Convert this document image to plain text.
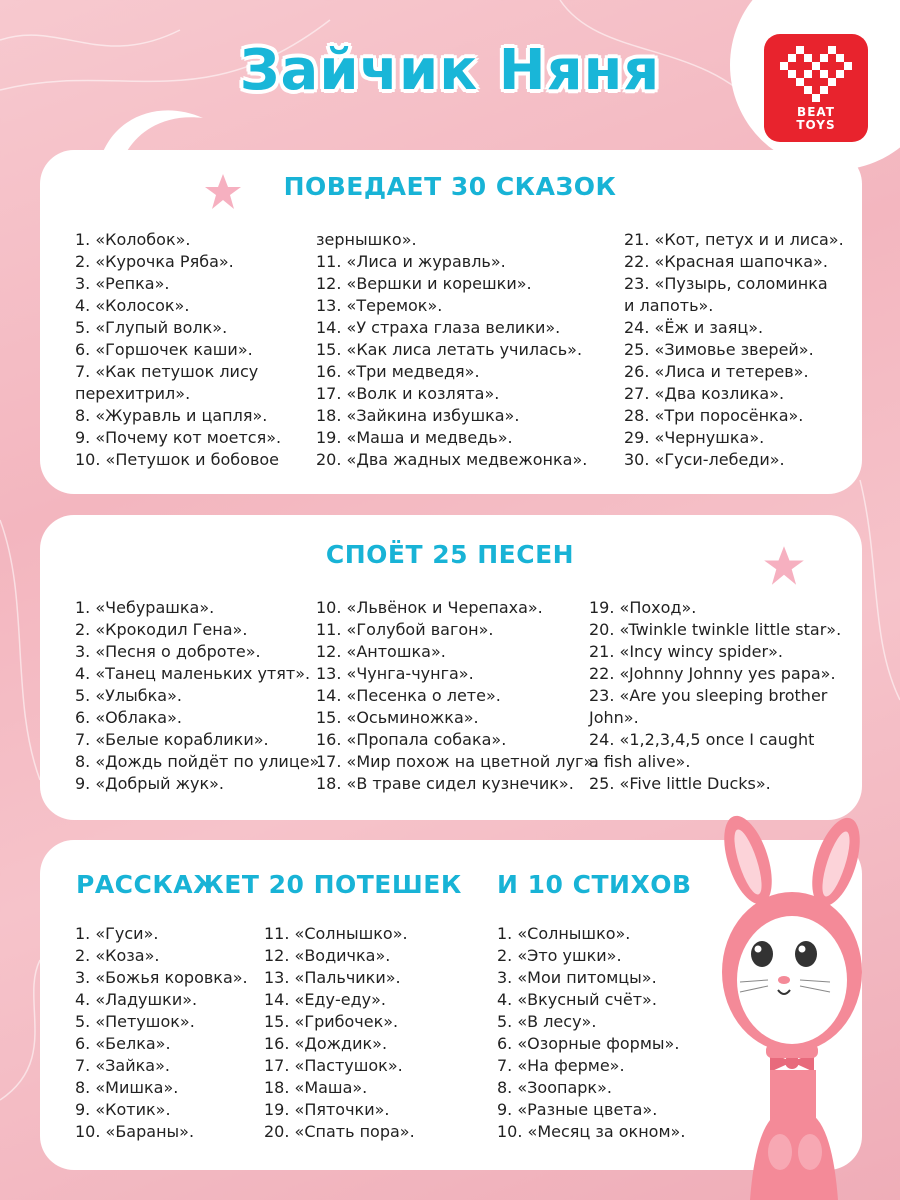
BEAT
TOYS
Зайчик Няня
ПОВЕДАЕТ 30 СКАЗОК
1. «Колобок».
2. «Курочка Ряба».
3. «Репка».
4. «Колосок».
5. «Глупый волк».
6. «Горшочек каши».
7. «Как петушок лису
перехитрил».
8. «Журавль и цапля».
9. «Почему кот моется».
10. «Петушок и бобовое
зернышко».
11. «Лиса и журавль».
12. «Вершки и корешки».
13. «Теремок».
14. «У страха глаза велики».
15. «Как лиса летать училась».
16. «Три медведя».
17. «Волк и козлята».
18. «Зайкина избушка».
19. «Маша и медведь».
20. «Два жадных медвежонка».
21. «Кот, петух и и лиса».
22. «Красная шапочка».
23. «Пузырь, соломинка
и лапоть».
24. «Ёж и заяц».
25. «Зимовье зверей».
26. «Лиса и тетерев».
27. «Два козлика».
28. «Три поросёнка».
29. «Чернушка».
30. «Гуси-лебеди».
СПОЁТ 25 ПЕСЕН
1. «Чебурашка».
2. «Крокодил Гена».
3. «Песня о доброте».
4. «Танец маленьких утят».
5. «Улыбка».
6. «Облака».
7. «Белые кораблики».
8. «Дождь пойдёт по улице».
9. «Добрый жук».
10. «Львёнок и Черепаха».
11. «Голубой вагон».
12. «Антошка».
13. «Чунга-чунга».
14. «Песенка о лете».
15. «Осьминожка».
16. «Пропала собака».
17. «Мир похож на цветной луг».
18. «В траве сидел кузнечик».
19. «Поход».
20. «Twinkle twinkle little star».
21. «Incy wincy spider».
22. «Johnny Johnny yes papa».
23. «Are you sleeping brother
John».
24. «1,2,3,4,5 once I caught
a fish alive».
25. «Five little Ducks».
РАССКАЖЕТ 20 ПОТЕШЕК И 10 СТИХОВ
1. «Гуси».
2. «Коза».
3. «Божья коровка».
4. «Ладушки».
5. «Петушок».
6. «Белка».
7. «Зайка».
8. «Мишка».
9. «Котик».
10. «Бараны».
11. «Солнышко».
12. «Водичка».
13. «Пальчики».
14. «Еду-еду».
15. «Грибочек».
16. «Дождик».
17. «Пастушок».
18. «Маша».
19. «Пяточки».
20. «Спать пора».
1. «Солнышко».
2. «Это ушки».
3. «Мои питомцы».
4. «Вкусный счёт».
5. «В лесу».
6. «Озорные формы».
7. «На ферме».
8. «Зоопарк».
9. «Разные цвета».
10. «Месяц за окном».
